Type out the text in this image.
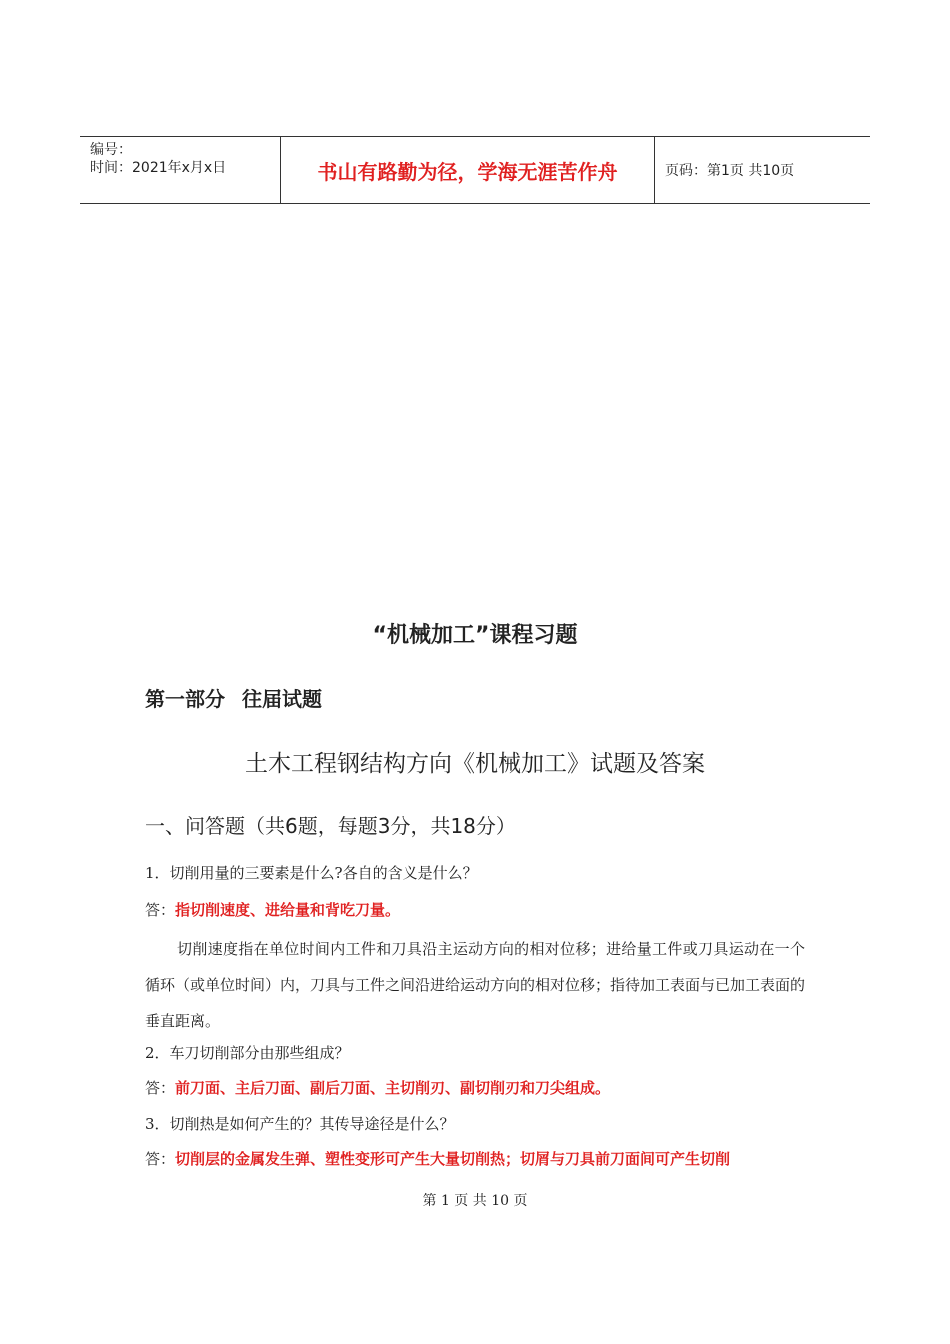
编号：
时间：2021年x月x日	书山有路勤为径，学海无涯苦作舟	页码：第1页 共10页
“机械加工”课程习题
第一部分 往届试题
土木工程钢结构方向《机械加工》试题及答案
一、问答题（共6题，每题3分，共18分）
1．切削用量的三要素是什么?各自的含义是什么？
答：指切削速度、进给量和背吃刀量。
切削速度指在单位时间内工件和刀具沿主运动方向的相对位移；进给量工件或刀具运动在一个循环（或单位时间）内，刀具与工件之间沿进给运动方向的相对位移；指待加工表面与已加工表面的垂直距离。
2．车刀切削部分由那些组成？
答：前刀面、主后刀面、副后刀面、主切削刃、副切削刃和刀尖组成。
3．切削热是如何产生的？其传导途径是什么？
答：切削层的金属发生弹、塑性变形可产生大量切削热；切屑与刀具前刀面间可产生切削
第 1 页 共 10 页
